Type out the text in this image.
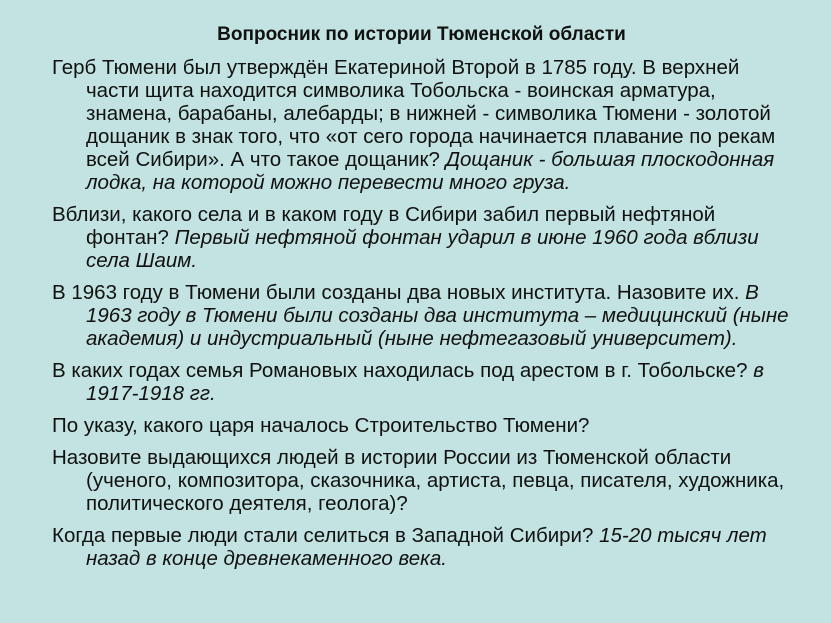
Вопросник по истории Тюменской области
Герб Тюмени был утверждён Екатериной Второй в 1785 году. В верхней части щита находится символика Тобольска - воинская арматура, знамена, барабаны, алебарды; в нижней - символика Тюмени - золотой дощаник в знак того, что «от сего города начинается плавание по рекам всей Сибири». А что такое дощаник? Дощаник - большая плоскодонная лодка, на которой можно перевести много груза.
Вблизи, какого села и в каком году в Сибири забил первый нефтяной фонтан? Первый нефтяной фонтан ударил в июне 1960 года вблизи села Шаим.
В 1963 году в Тюмени были созданы два новых института. Назовите их. В 1963 году в Тюмени были созданы два института – медицинский (ныне академия) и индустриальный (ныне нефтегазовый университет).
В каких годах семья Романовых находилась под арестом в г. Тобольске? в 1917-1918 гг.
По указу, какого царя началось Строительство Тюмени?
Назовите выдающихся людей в истории России из Тюменской области (ученого, композитора, сказочника, артиста, певца, писателя, художника, политического деятеля, геолога)?
Когда первые люди стали селиться в Западной Сибири? 15-20 тысяч лет назад в конце древнекаменного века.
